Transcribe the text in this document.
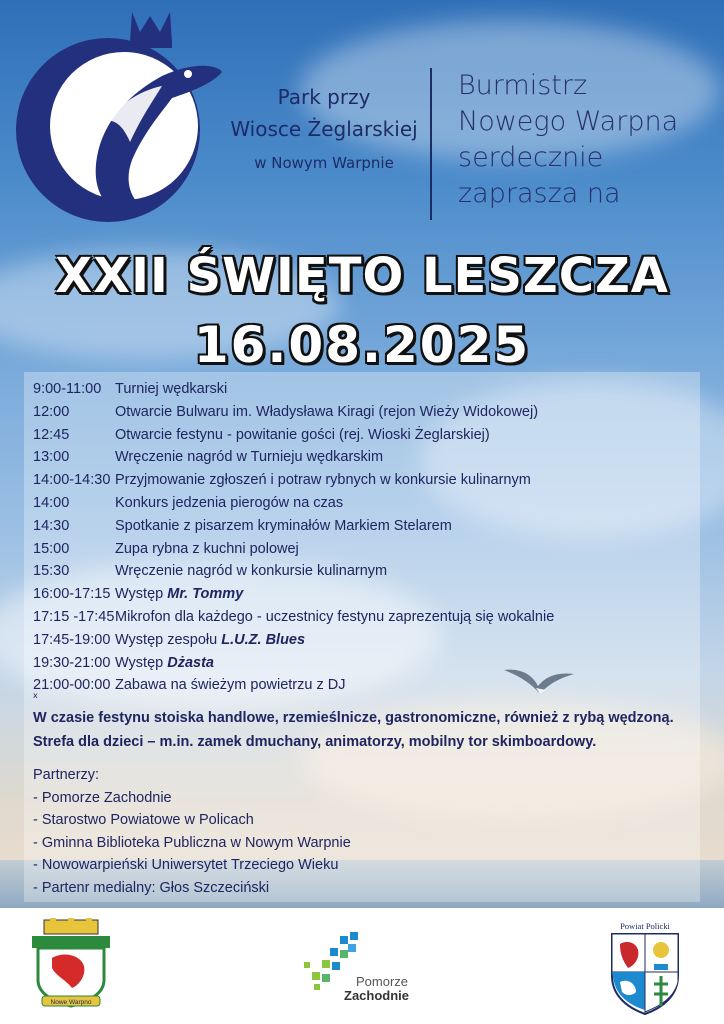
Park przy
Wiosce Żeglarskiej
w Nowym Warpnie
Burmistrz
Nowego Warpna
serdecznie
zaprasza na
XXII ŚWIĘTO LESZCZA
16.08.2025
9:00-11:00 Turniej wędkarski
12:00	Otwarcie Bulwaru im. Władysława Kiragi (rejon Wieży Widokowej)
12:45	Otwarcie festynu - powitanie gości (rej. Wioski Żeglarskiej)
13:00	Wręczenie nagród w Turnieju wędkarskim
14:00-14:30 Przyjmowanie zgłoszeń i potraw rybnych w konkursie kulinarnym
14:00	Konkurs jedzenia pierogów na czas
14:30	Spotkanie z pisarzem kryminałów Markiem Stelarem
15:00	Zupa rybna z kuchni polowej
15:30	Wręczenie nagród w konkursie kulinarnym
16:00-17:15 Występ Mr. Tommy
17:15 -17:45 Mikrofon dla każdego - uczestnicy festynu zaprezentują się wokalnie
17:45-19:00 Występ zespołu L.U.Z. Blues
19:30-21:00 Występ Dżasta
21:00-00:00 Zabawa na świeżym powietrzu z DJ
x
W czasie festynu stoiska handlowe, rzemieślnicze, gastronomiczne, również z rybą wędzoną.
Strefa dla dzieci – m.in. zamek dmuchany, animatorzy, mobilny tor skimboardowy.
Partnerzy:
- Pomorze Zachodnie
- Starostwo Powiatowe w Policach
- Gminna Biblioteka Publiczna w Nowym Warpnie
- Nowowarpieński Uniwersytet Trzeciego Wieku
- Partenr medialny: Głos Szczeciński
Nowe Warpno
Pomorze
Zachodnie
Powiat Policki
